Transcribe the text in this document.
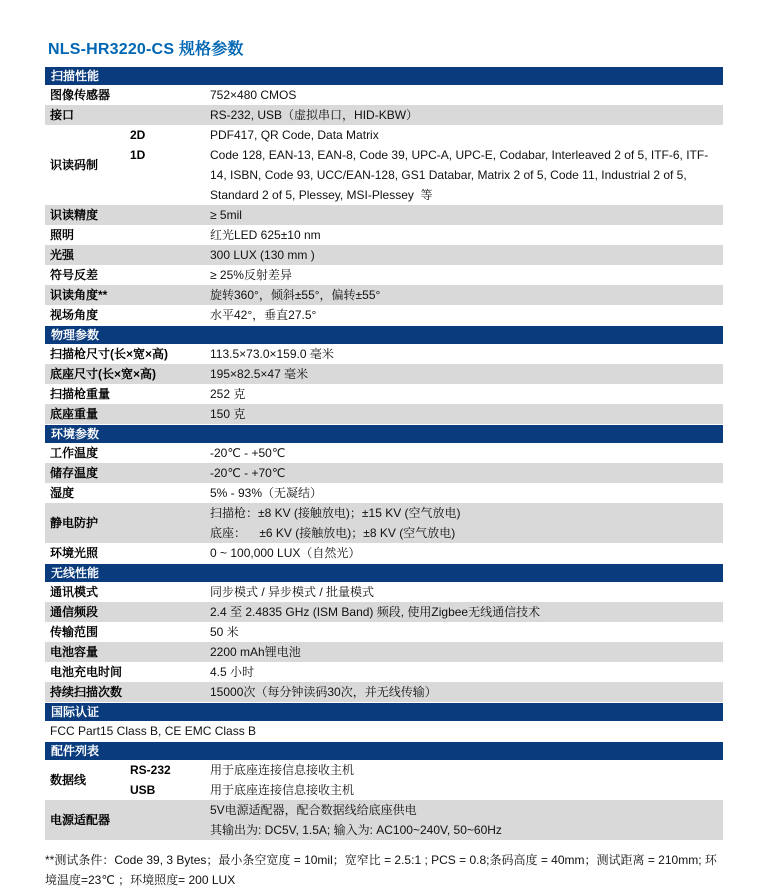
NLS-HR3220-CS 规格参数
扫描性能
图像传感器	752×480 CMOS
接口	RS-232, USB（虚拟串口，HID-KBW）
识读码制
2D	PDF417, QR Code, Data Matrix
1D	Code 128, EAN-13, EAN-8, Code 39, UPC-A, UPC-E, Codabar, Interleaved 2 of 5, ITF-6, ITF-14, ISBN, Code 93, UCC/EAN-128, GS1 Databar, Matrix 2 of 5, Code 11, Industrial 2 of 5, Standard 2 of 5, Plessey, MSI-Plessey  等
识读精度	≥ 5mil
照明	红光LED 625±10 nm
光强	300 LUX (130 mm )
符号反差	≥ 25%反射差异
识读角度**	旋转360°，倾斜±55°，偏转±55°
视场角度	水平42°，垂直27.5°
物理参数
扫描枪尺寸(长×宽×高)	113.5×73.0×159.0 毫米
底座尺寸(长×宽×高)	195×82.5×47 毫米
扫描枪重量	252 克
底座重量	150 克
环境参数
工作温度	-20℃ - +50℃
储存温度	-20℃ - +70℃
湿度	5% - 93%（无凝结）
静电防护
扫描枪：±8 KV (接触放电)；±15 KV (空气放电)
底座：    ±6 KV (接触放电)；±8 KV (空气放电)
环境光照	0 ~ 100,000 LUX（自然光）
无线性能
通讯模式	同步模式 / 异步模式 / 批量模式
通信频段	2.4 至 2.4835 GHz (ISM Band) 频段, 使用Zigbee无线通信技术
传输范围	50 米
电池容量	2200 mAh锂电池
电池充电时间	4.5 小时
持续扫描次数	15000次（每分钟读码30次，并无线传输）
国际认证
FCC Part15 Class B, CE EMC Class B
配件列表
数据线
RS-232	用于底座连接信息接收主机
USB	用于底座连接信息接收主机
电源适配器
5V电源适配器，配合数据线给底座供电
其输出为: DC5V, 1.5A; 输入为: AC100~240V, 50~60Hz
**测试条件：Code 39, 3 Bytes；最小条空宽度 = 10mil；宽窄比 = 2.5:1 ; PCS = 0.8;条码高度 = 40mm；测试距离 = 210mm; 环境温度=23℃ ；环境照度= 200 LUX
